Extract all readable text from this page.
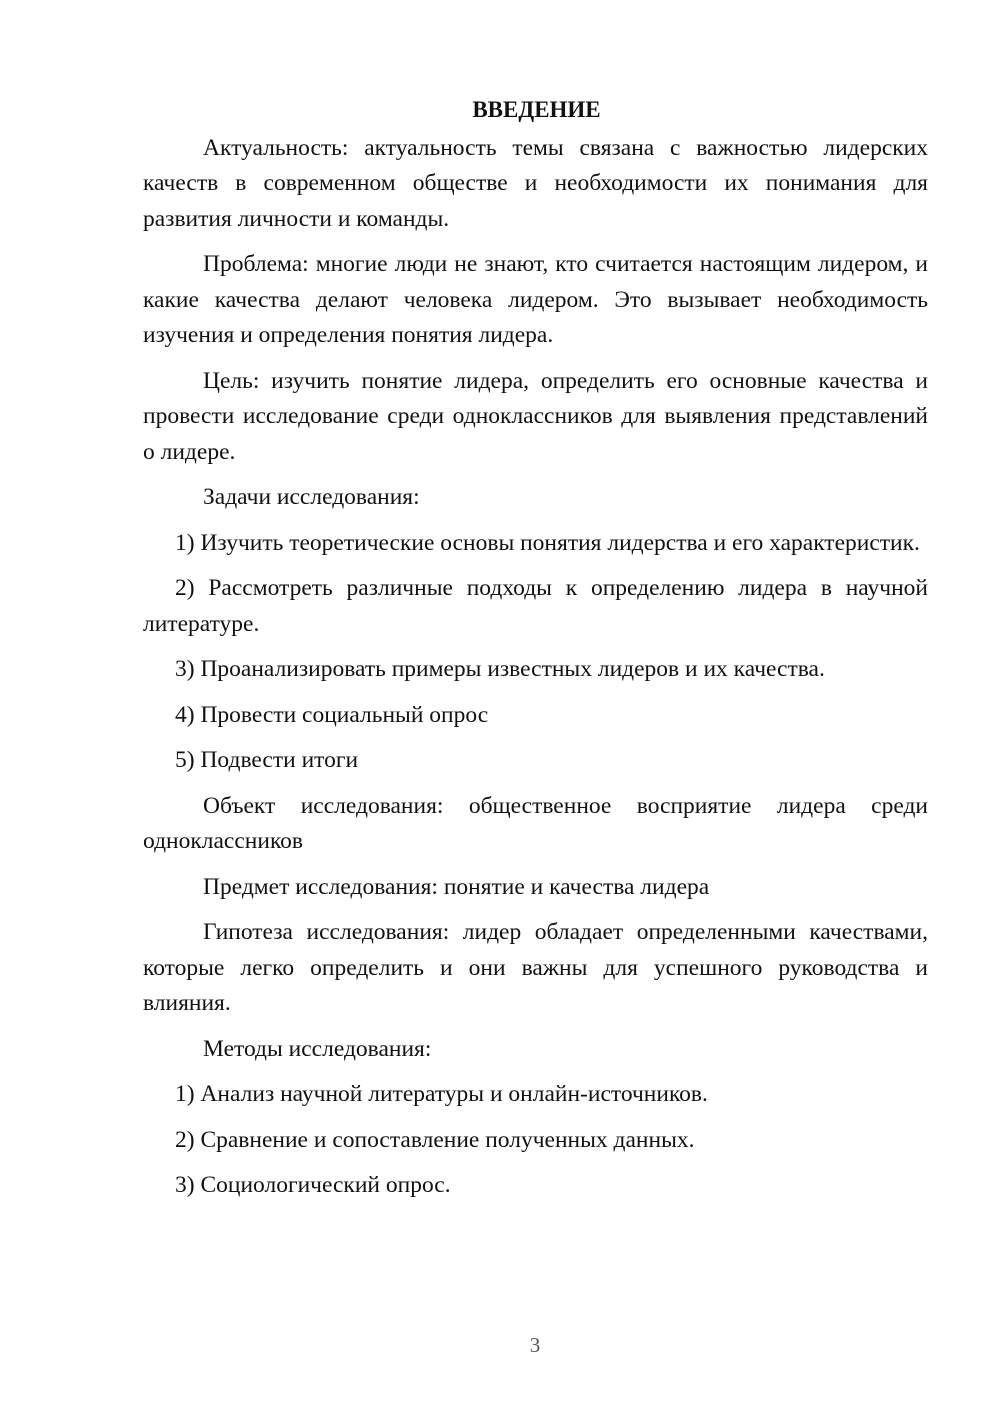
ВВЕДЕНИЕ

Актуальность: актуальность темы связана с важностью лидерских качеств в современном обществе и необходимости их понимания для развития личности и команды.

Проблема: многие люди не знают, кто считается настоящим лидером, и какие качества делают человека лидером. Это вызывает необходимость изучения и определения понятия лидера.

Цель: изучить понятие лидера, определить его основные качества и провести исследование среди одноклассников для выявления представлений о лидере.

Задачи исследования:

1) Изучить теоретические основы понятия лидерства и его характеристик.

2) Рассмотреть различные подходы к определению лидера в научной литературе.

3) Проанализировать примеры известных лидеров и их качества.

4) Провести социальный опрос

5) Подвести итоги

Объект исследования: общественное восприятие лидера среди одноклассников

Предмет исследования: понятие и качества лидера

Гипотеза исследования: лидер обладает определенными качествами, которые легко определить и они важны для успешного руководства и влияния.

Методы исследования:

1) Анализ научной литературы и онлайн-источников.

2) Сравнение и сопоставление полученных данных.

3) Социологический опрос.

3
